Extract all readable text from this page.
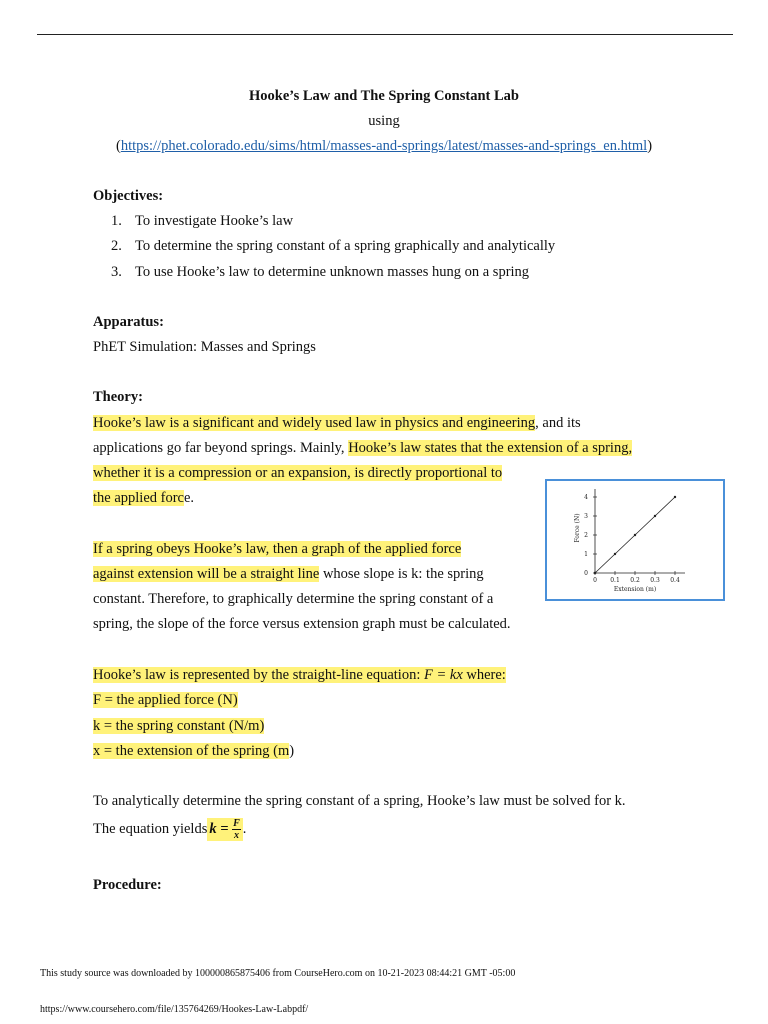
Hooke’s Law and The Spring Constant Lab
using
(https://phet.colorado.edu/sims/html/masses-and-springs/latest/masses-and-springs_en.html)
Objectives:
1. To investigate Hooke’s law
2. To determine the spring constant of a spring graphically and analytically
3. To use Hooke’s law to determine unknown masses hung on a spring
Apparatus:
PhET Simulation: Masses and Springs
Theory:
Hooke’s law is a significant and widely used law in physics and engineering, and its
applications go far beyond springs. Mainly, Hooke’s law states that the extension of a spring,
whether it is a compression or an expansion, is directly proportional to
the applied force.
If a spring obeys Hooke’s law, then a graph of the applied force
against extension will be a straight line whose slope is k: the spring
constant. Therefore, to graphically determine the spring constant of a
spring, the slope of the force versus extension graph must be calculated.
0 0.1 0.2 0.3 0.4
0
1
2
3
4
Extension (m)
Force (N)
Hooke’s law is represented by the straight-line equation: F = kx where:
F = the applied force (N)
k = the spring constant (N/m)
x = the extension of the spring (m)
To analytically determine the spring constant of a spring, Hooke’s law must be solved for k.
The equation yields $k = \frac{F}{x}$ .
Procedure:
This study source was downloaded by 100000865875406 from CourseHero.com on 10-21-2023 08:44:21 GMT -05:00
https://www.coursehero.com/file/135764269/Hookes-Law-Labpdf/
